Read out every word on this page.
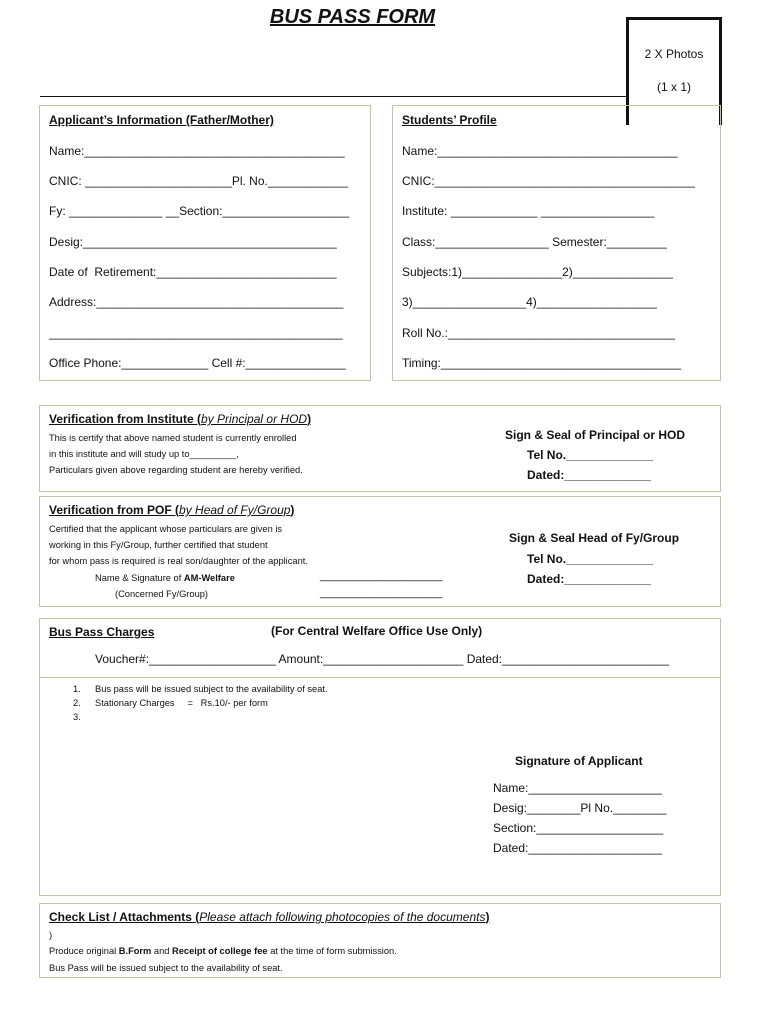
BUS PASS FORM
2 X Photos
(1 x 1)
Applicant’s Information (Father/Mother)
Name:_______________________________________
CNIC: ______________________Pl. No.____________
Fy: ______________ __Section:___________________
Desig:______________________________________
Date of  Retirement:___________________________
Address:_____________________________________
____________________________________________
Office Phone:_____________ Cell #:_______________
Students’ Profile
Name:____________________________________
CNIC:_______________________________________
Institute: _____________ _________________
Class:_________________ Semester:_________
Subjects:1)_______________2)_______________
3)_________________4)__________________
Roll No.:__________________________________
Timing:____________________________________
Verification from Institute (by Principal or HOD)
This is certify that above named student is currently enrolled
in this institute and will study up to_________,
Particulars given above regarding student are hereby verified.
Sign & Seal of Principal or HOD
Tel No._____________
Dated:_____________
Verification from POF (by Head of Fy/Group)
Certified that the applicant whose particulars are given is
working in this Fy/Group, further certified that student
for whom pass is required is real son/daughter of the applicant.
Name & Signature of AM-Welfare
(Concerned Fy/Group)
____________________
____________________
Sign & Seal Head of Fy/Group
Tel No._____________
Dated:_____________
Bus Pass Charges	(For Central Welfare Office Use Only)
Voucher#:___________________ Amount:_____________________ Dated:_________________________
1. Bus pass will be issued subject to the availability of seat.
2. Stationary Charges     =   Rs.10/- per form
3.
Signature of Applicant
Name:____________________
Desig:________Pl No.________
Section:___________________
Dated:____________________
Check List / Attachments (Please attach following photocopies of the documents)
)
Produce original B.Form and Receipt of college fee at the time of form submission.
Bus Pass will be issued subject to the availability of seat.
